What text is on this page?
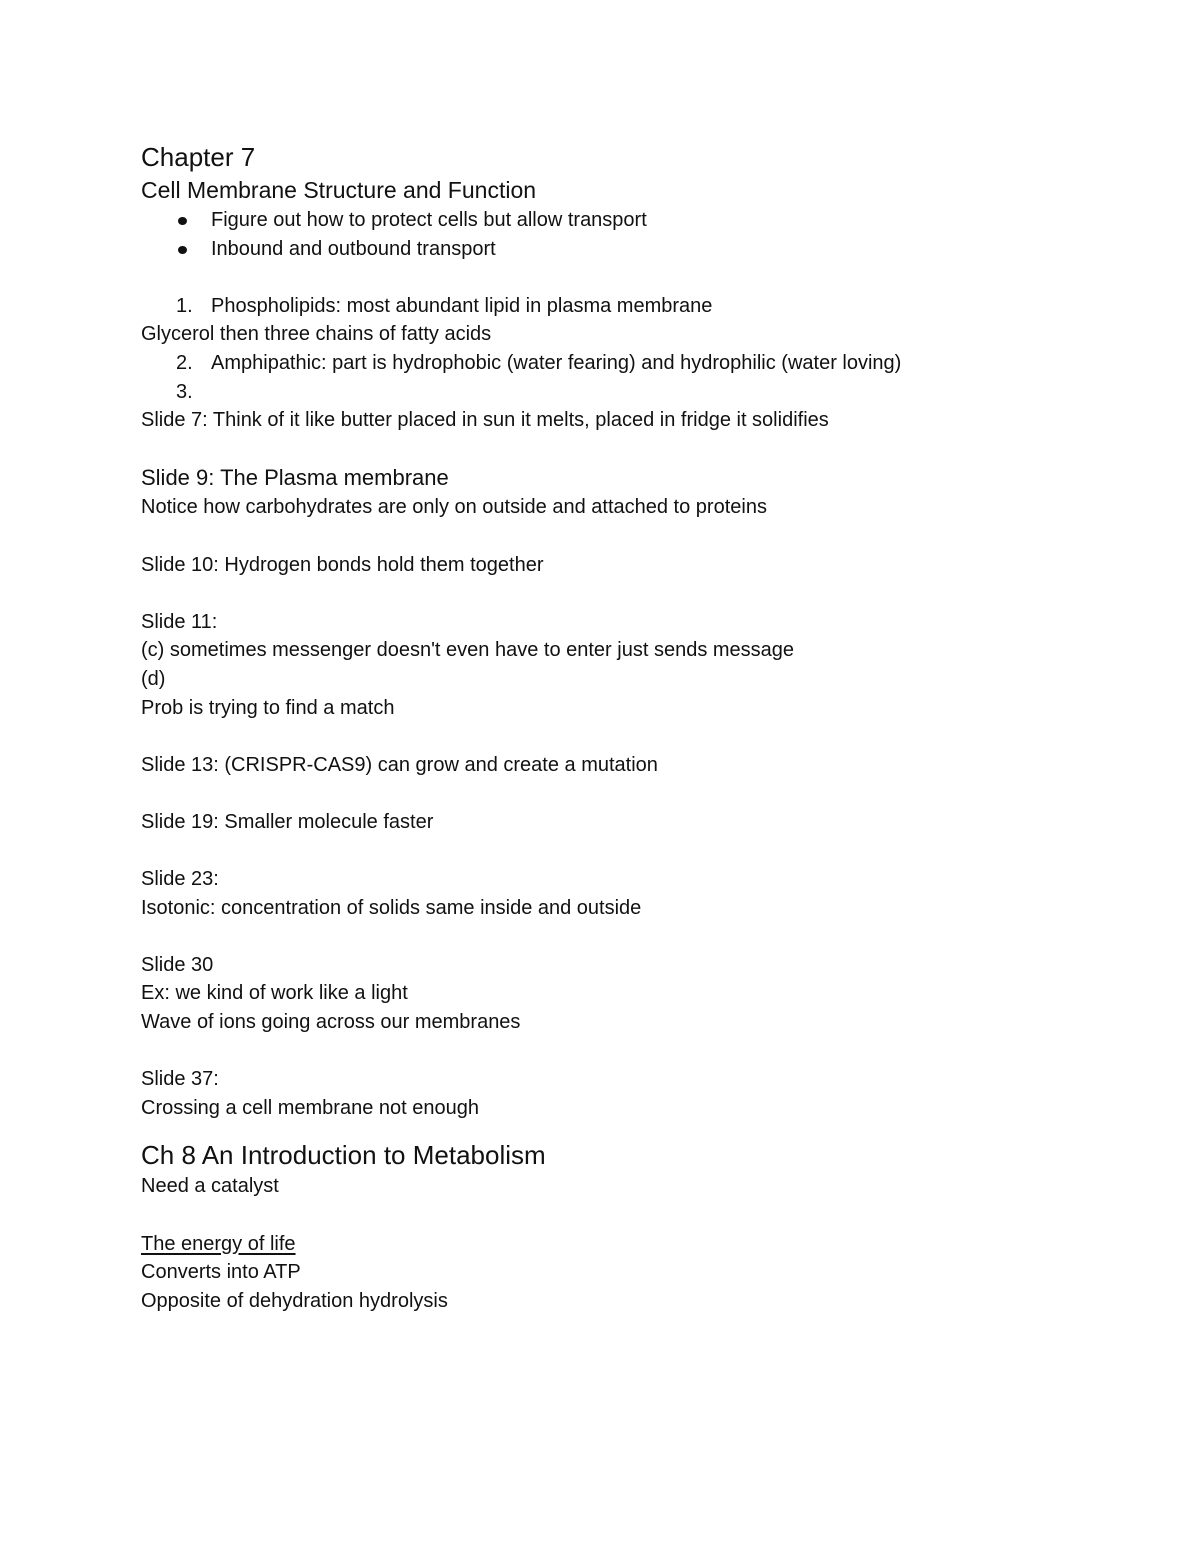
Chapter 7
Cell Membrane Structure and Function
Figure out how to protect cells but allow transport
Inbound and outbound transport
1. Phospholipids: most abundant lipid in plasma membrane
Glycerol then three chains of fatty acids
2. Amphipathic: part is hydrophobic (water fearing) and hydrophilic (water loving)
3.
Slide 7: Think of it like butter placed in sun it melts, placed in fridge it solidifies
Slide 9: The Plasma membrane
Notice how carbohydrates are only on outside and attached to proteins
Slide 10: Hydrogen bonds hold them together
Slide 11:
(c) sometimes messenger doesn't even have to enter just sends message
(d)
Prob is trying to find a match
Slide 13: (CRISPR-CAS9) can grow and create a mutation
Slide 19: Smaller molecule faster
Slide 23:
Isotonic: concentration of solids same inside and outside
Slide 30
Ex: we kind of work like a light
Wave of ions going across our membranes
Slide 37:
Crossing a cell membrane not enough
Ch 8 An Introduction to Metabolism
Need a catalyst
The energy of life
Converts into ATP
Opposite of dehydration hydrolysis
